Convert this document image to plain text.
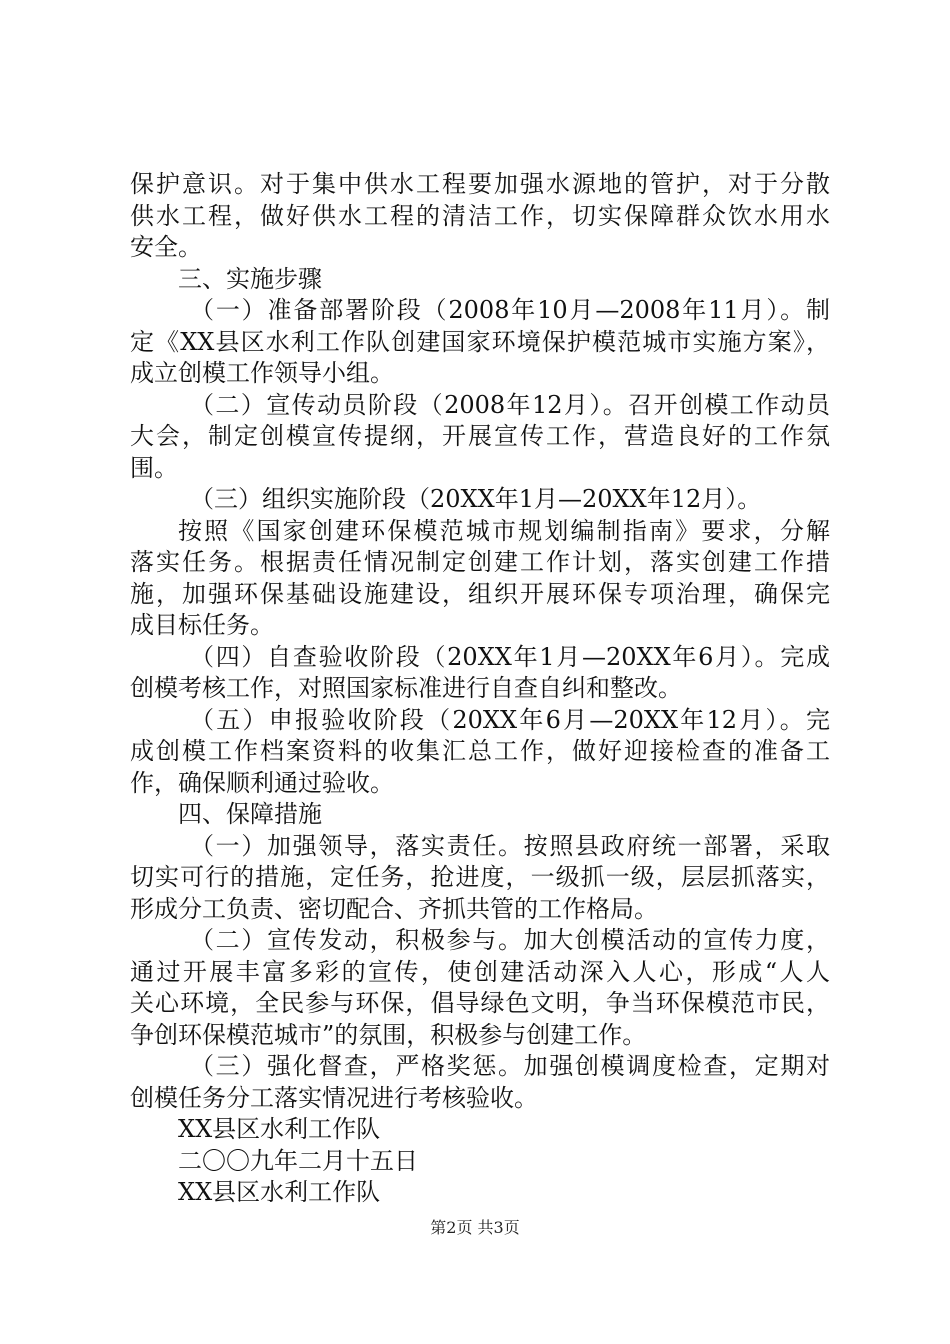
保护意识。对于集中供水工程要加强水源地的管护，对于分散
供水工程，做好供水工程的清洁工作，切实保障群众饮水用水
安全。
三、实施步骤
（一）准备部署阶段（2008年10月—2008年11月）。制
定《XX县区水利工作队创建国家环境保护模范城市实施方案》，
成立创模工作领导小组。
（二）宣传动员阶段（2008年12月）。召开创模工作动员
大会，制定创模宣传提纲，开展宣传工作，营造良好的工作氛
围。
（三）组织实施阶段（20XX年1月—20XX年12月）。
按照《国家创建环保模范城市规划编制指南》要求，分解
落实任务。根据责任情况制定创建工作计划，落实创建工作措
施，加强环保基础设施建设，组织开展环保专项治理，确保完
成目标任务。
（四）自查验收阶段（20XX年1月—20XX年6月）。完成
创模考核工作，对照国家标准进行自查自纠和整改。
（五）申报验收阶段（20XX年6月—20XX年12月）。完
成创模工作档案资料的收集汇总工作，做好迎接检查的准备工
作，确保顺利通过验收。
四、保障措施
（一）加强领导，落实责任。按照县政府统一部署，采取
切实可行的措施，定任务，抢进度，一级抓一级，层层抓落实，
形成分工负责、密切配合、齐抓共管的工作格局。
（二）宣传发动，积极参与。加大创模活动的宣传力度，
通过开展丰富多彩的宣传，使创建活动深入人心，形成“人人
关心环境，全民参与环保，倡导绿色文明，争当环保模范市民，
争创环保模范城市”的氛围，积极参与创建工作。
（三）强化督查，严格奖惩。加强创模调度检查，定期对
创模任务分工落实情况进行考核验收。
XX县区水利工作队
二〇〇九年二月十五日
XX县区水利工作队
第2页 共3页
